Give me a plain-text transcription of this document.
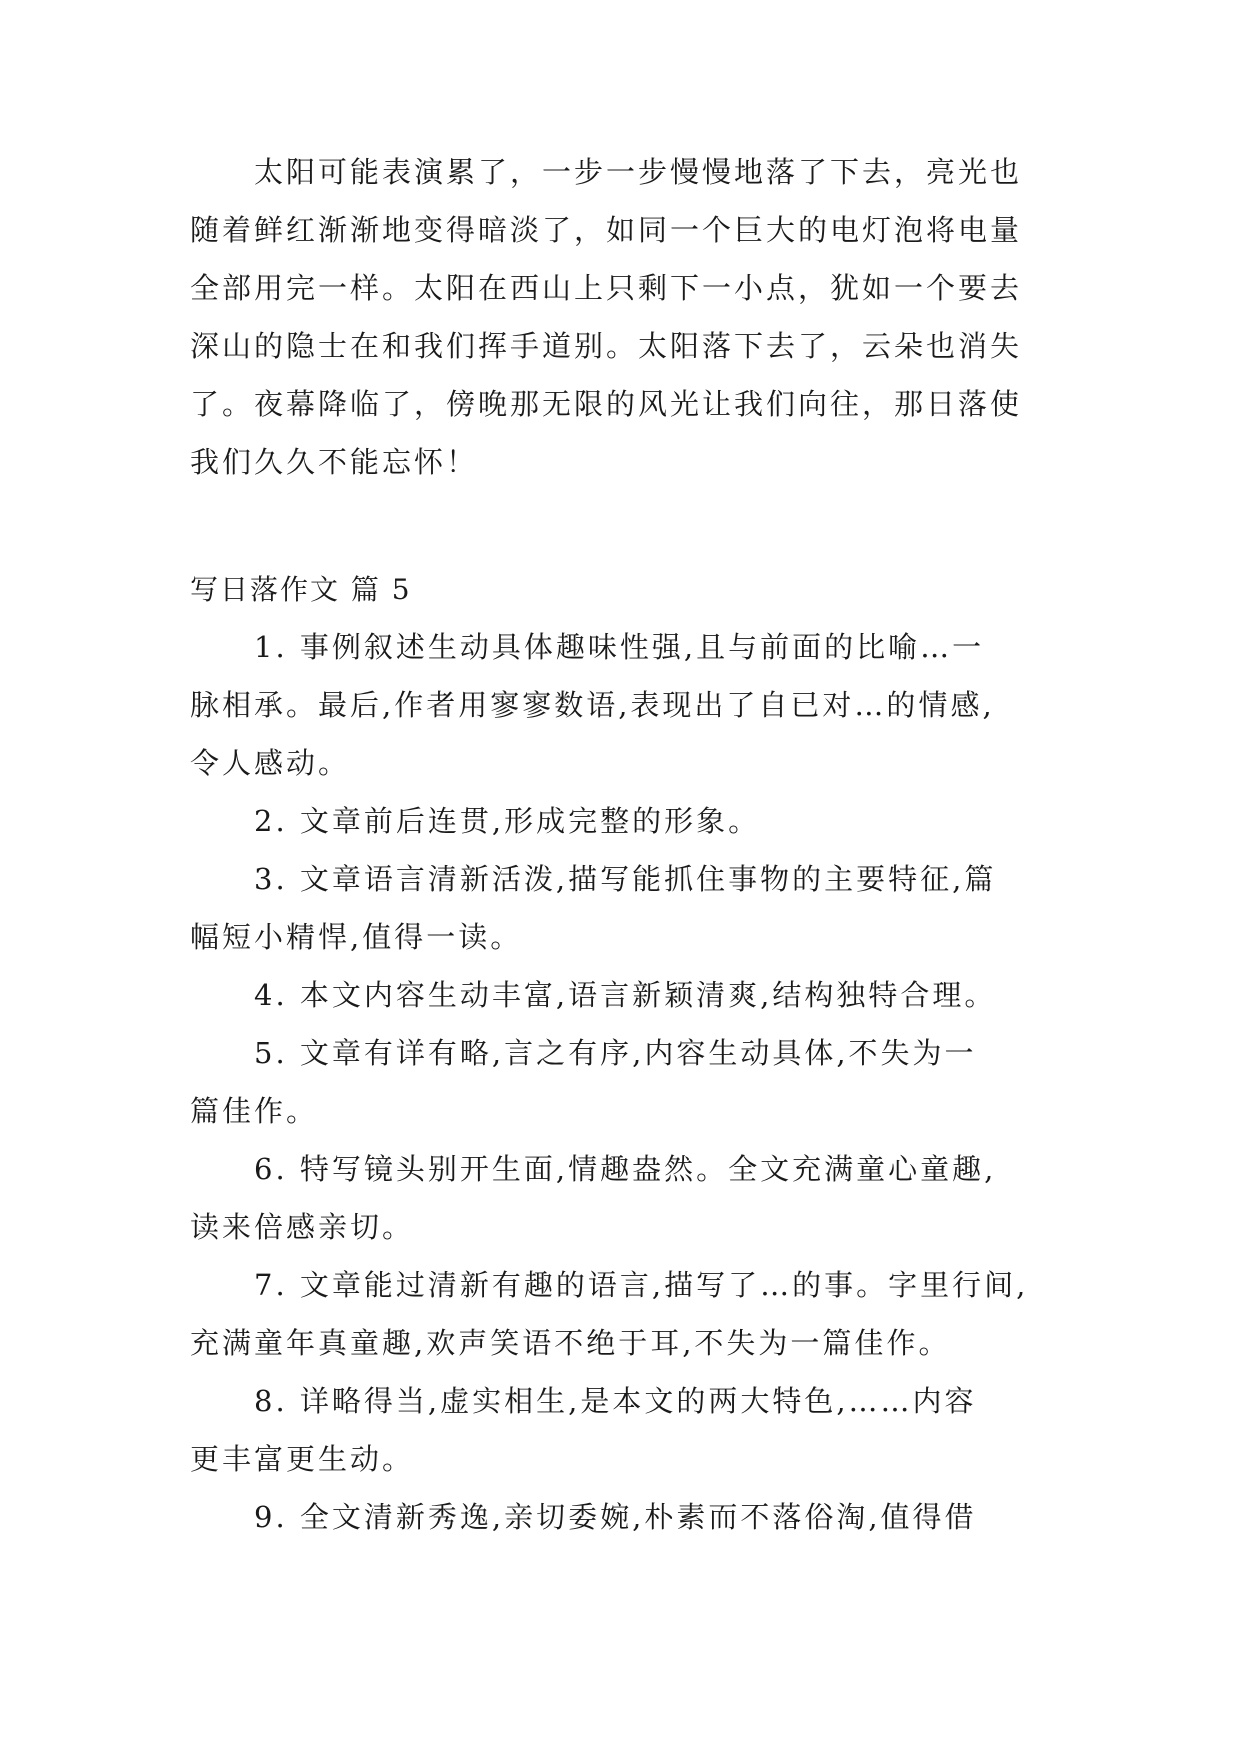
太阳可能表演累了，一步一步慢慢地落了下去，亮光也
随着鲜红渐渐地变得暗淡了，如同一个巨大的电灯泡将电量
全部用完一样。太阳在西山上只剩下一小点，犹如一个要去
深山的隐士在和我们挥手道别。太阳落下去了，云朵也消失
了。夜幕降临了，傍晚那无限的风光让我们向往，那日落使
我们久久不能忘怀！
写日落作文 篇 5
1. 事例叙述生动具体趣味性强,且与前面的比喻…一
脉相承。最后,作者用寥寥数语,表现出了自已对…的情感,
令人感动。
2. 文章前后连贯,形成完整的形象。
3. 文章语言清新活泼,描写能抓住事物的主要特征,篇
幅短小精悍,值得一读。
4. 本文内容生动丰富,语言新颖清爽,结构独特合理。
5. 文章有详有略,言之有序,内容生动具体,不失为一
篇佳作。
6. 特写镜头别开生面,情趣盎然。全文充满童心童趣,
读来倍感亲切。
7. 文章能过清新有趣的语言,描写了…的事。字里行间,
充满童年真童趣,欢声笑语不绝于耳,不失为一篇佳作。
8. 详略得当,虚实相生,是本文的两大特色,……内容
更丰富更生动。
9. 全文清新秀逸,亲切委婉,朴素而不落俗淘,值得借
